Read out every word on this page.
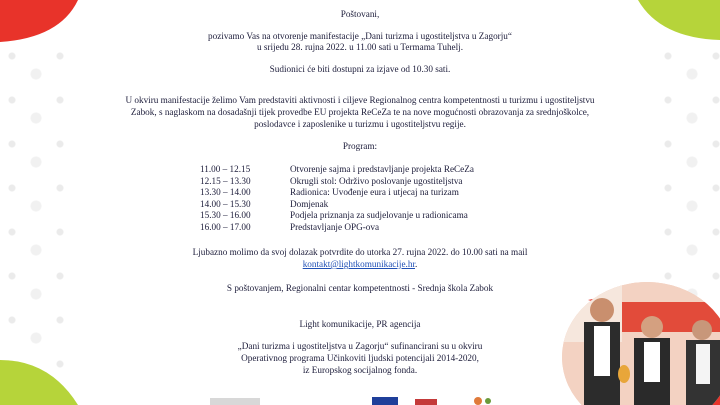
Poštovani,

pozivamo Vas na otvorenje manifestacije „Dani turizma i ugostiteljstva u Zagorju“

u srijedu 28. rujna 2022. u 11.00 sati u Termama Tuhelj.

Sudionici će biti dostupni za izjave od 10.30 sati.

U okviru manifestacije želimo Vam predstaviti aktivnosti i ciljeve Regionalnog centra kompetentnosti u turizmu i ugostiteljstvu

Zabok, s naglaskom na dosadašnji tijek provedbe EU projekta ReCeZa te na nove mogućnosti obrazovanja za srednjoškolce,

poslodavce i zaposlenike u turizmu i ugostiteljstvu regije.

Program:

11.00 – 12.15	Otvorenje sajma i predstavljanje projekta ReCeZa
12.15 – 13.30	Okrugli stol: Održivo poslovanje ugostiteljstva
13.30 – 14.00	Radionica: Uvođenje eura i utjecaj na turizam
14.00 – 15.30	Domjenak
15.30 – 16.00	Podjela priznanja za sudjelovanje u radionicama
16.00 – 17.00	Predstavljanje OPG-ova

Ljubazno molimo da svoj dolazak potvrdite do utorka 27. rujna 2022. do 10.00 sati na mail

kontakt@lightkomunikacije.hr.

S poštovanjem, Regionalni centar kompetentnosti - Srednja škola Zabok

Light komunikacije, PR agencija

„Dani turizma i ugostiteljstva u Zagorju“ sufinancirani su u okviru

Operativnog programa Učinkoviti ljudski potencijali 2014-2020,

iz Europskog socijalnog fonda.
